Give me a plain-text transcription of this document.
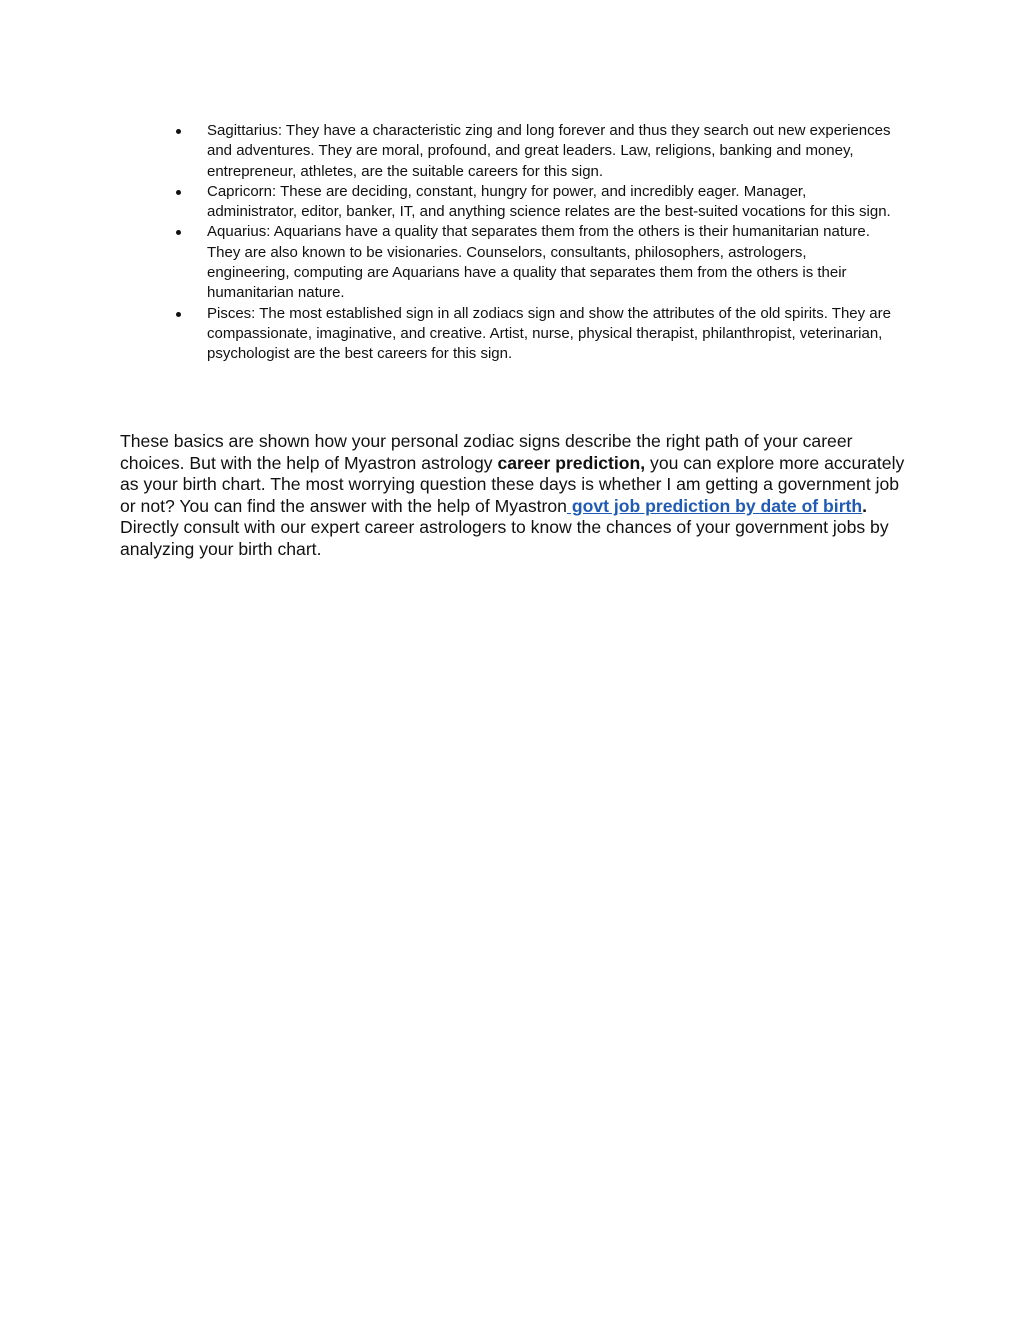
Sagittarius: They have a characteristic zing and long forever and thus they search out new experiences and adventures. They are moral, profound, and great leaders. Law, religions, banking and money, entrepreneur, athletes, are the suitable careers for this sign.
Capricorn: These are deciding, constant, hungry for power, and incredibly eager. Manager, administrator, editor, banker, IT, and anything science relates are the best-suited vocations for this sign.
Aquarius: Aquarians have a quality that separates them from the others is their humanitarian nature. They are also known to be visionaries. Counselors, consultants, philosophers, astrologers, engineering, computing are Aquarians have a quality that separates them from the others is their humanitarian nature.
Pisces: The most established sign in all zodiacs sign and show the attributes of the old spirits. They are compassionate, imaginative, and creative. Artist, nurse, physical therapist, philanthropist, veterinarian, psychologist are the best careers for this sign.

These basics are shown how your personal zodiac signs describe the right path of your career choices. But with the help of Myastron astrology career prediction, you can explore more accurately as your birth chart. The most worrying question these days is whether I am getting a government job or not? You can find the answer with the help of Myastron govt job prediction by date of birth. Directly consult with our expert career astrologers to know the chances of your government jobs by analyzing your birth chart.
